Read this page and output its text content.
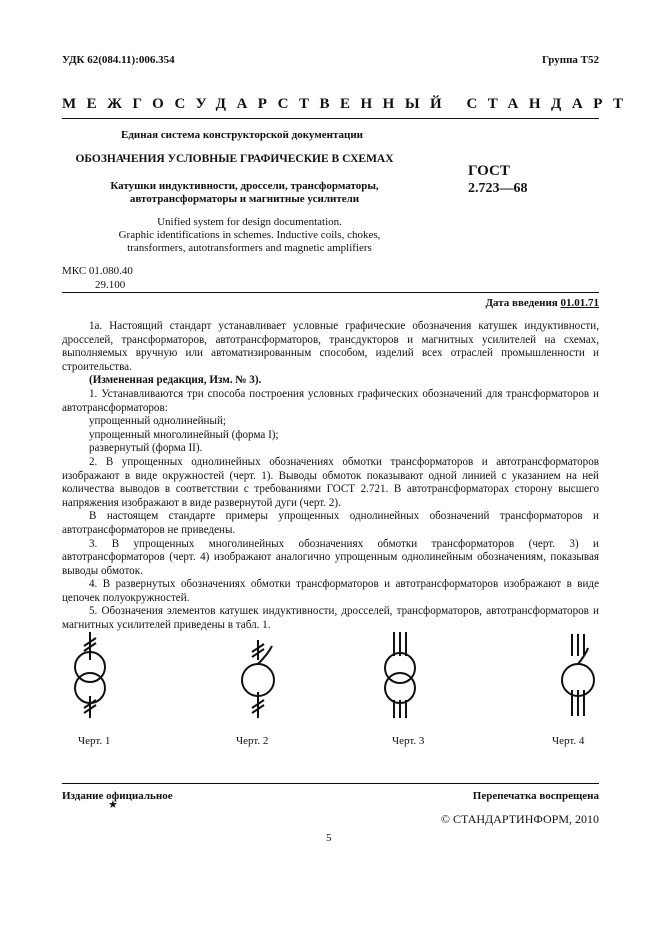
УДК 62(084.11):006.354	Группа Т52
МЕЖГОСУДАРСТВЕННЫЙ СТАНДАРТ
Единая система конструкторской документации
ОБОЗНАЧЕНИЯ УСЛОВНЫЕ ГРАФИЧЕСКИЕ В СХЕМАХ
Катушки индуктивности, дроссели, трансформаторы,
автотрансформаторы и магнитные усилители
ГОСТ
2.723—68
Unified system for design documentation.
Graphic identifications in schemes. Inductive coils, chokes,
transformers, autotransformers and magnetic amplifiers
МКС 01.080.40
29.100
Дата введения 01.01.71

1а. Настоящий стандарт устанавливает условные графические обозначения катушек индуктивности, дросселей, трансформаторов, автотрансформаторов, трансдукторов и магнитных усилителей на схемах, выполняемых вручную или автоматизированным способом, изделий всех отраслей промышленности и строительства.

(Измененная редакция, Изм. № 3).

1. Устанавливаются три способа построения условных графических обозначений для трансформаторов и автотрансформаторов:

упрощенный однолинейный;

упрощенный многолинейный (форма I);

развернутый (форма II).

2. В упрощенных однолинейных обозначениях обмотки трансформаторов и автотрансформаторов изображают в виде окружностей (черт. 1). Выводы обмоток показывают одной линией с указанием на ней количества выводов в соответствии с требованиями ГОСТ 2.721. В автотрансформаторах сторону высшего напряжения изображают в виде развернутой дуги (черт. 2).

В настоящем стандарте примеры упрощенных однолинейных обозначений трансформаторов и автотрансформаторов не приведены.

3. В упрощенных многолинейных обозначениях обмотки трансформаторов (черт. 3) и автотрансформаторов (черт. 4) изображают аналогично упрощенным однолинейным обозначениям, показывая выводы обмоток.

4. В развернутых обозначениях обмотки трансформаторов и автотрансформаторов изображают в виде цепочек полуокружностей.

5. Обозначения элементов катушек индуктивности, дросселей, трансформаторов, автотрансформаторов и магнитных усилителей приведены в табл. 1.

Черт. 1	Черт. 2	Черт. 3	Черт. 4
Издание официальное
★
Перепечатка воспрещена
© СТАНДАРТИНФОРМ, 2010
5
